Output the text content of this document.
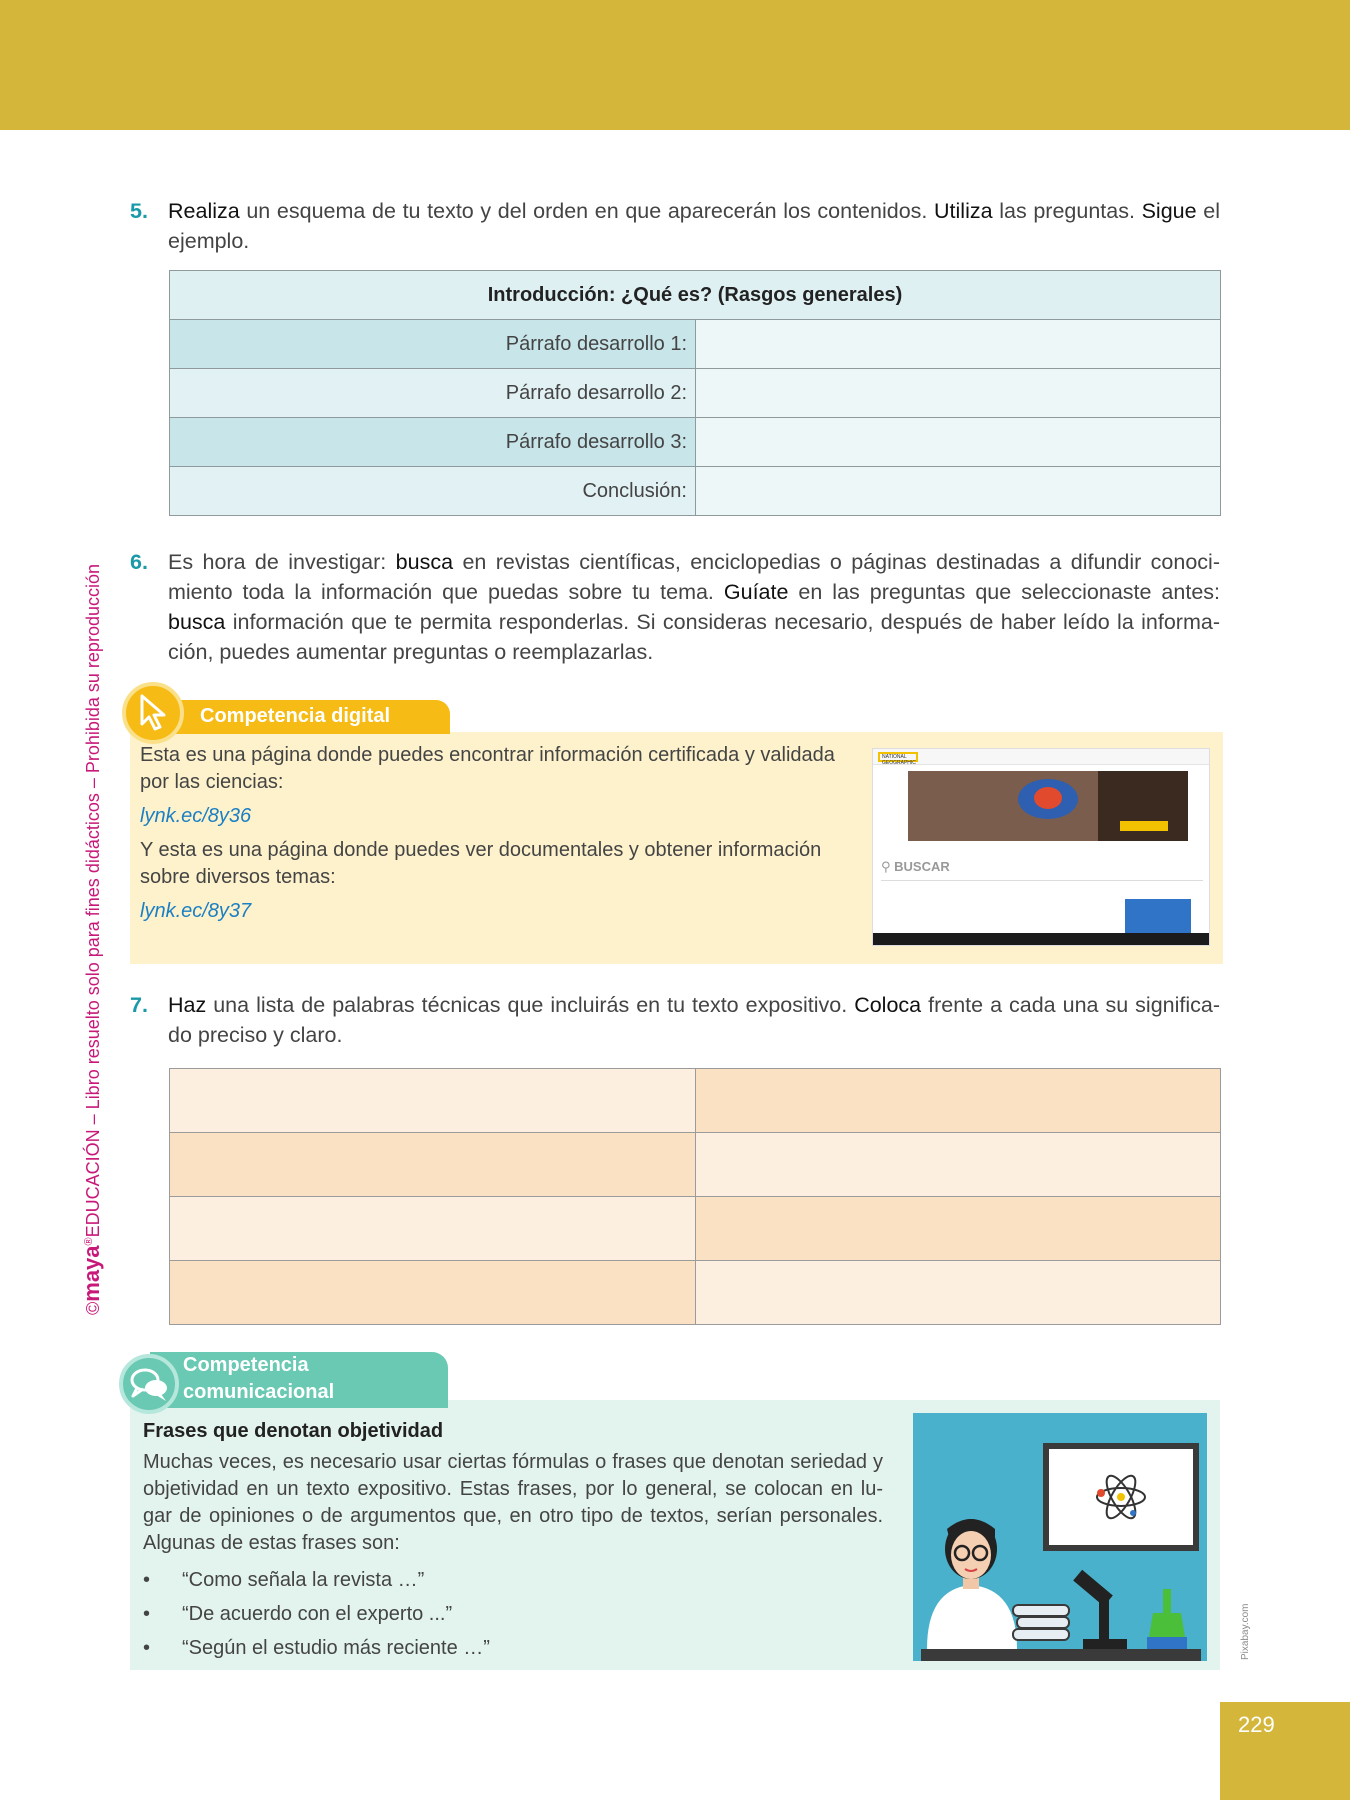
©maya®EDUCACIÓN – Libro resuelto solo para fines didácticos – Prohibida su reproducción
5. Realiza un esquema de tu texto y del orden en que aparecerán los contenidos. Utiliza las preguntas. Sigue el ejemplo.
Introducción: ¿Qué es? (Rasgos generales)	
Párrafo desarrollo 1:	
Párrafo desarrollo 2:	
Párrafo desarrollo 3:	
Conclusión:	
6. Es hora de investigar: busca en revistas científicas, enciclopedias o páginas destinadas a difundir conoci-miento toda la información que puedas sobre tu tema. Guíate en las preguntas que seleccionaste antes: busca información que te permita responderlas. Si consideras necesario, después de haber leído la informa-ción, puedes aumentar preguntas o reemplazarlas.
Competencia digital

Esta es una página donde puedes encontrar información certificada y validada por las ciencias:

lynk.ec/8y36

Y esta es una página donde puedes ver documentales y obtener información sobre diversos temas:

lynk.ec/8y37

NATIONAL GEOGRAPHIC
⚲ BUSCAR
7. Haz una lista de palabras técnicas que incluirás en tu texto expositivo. Coloca frente a cada una su significa-do preciso y claro.

Competencia
comunicacional
Frases que denotan objetividad
Muchas veces, es necesario usar ciertas fórmulas o frases que denotan seriedad y objetividad en un texto expositivo. Estas frases, por lo general, se colocan en lu-gar de opiniones o de argumentos que, en otro tipo de textos, serían personales. Algunas de estas frases son:
• “Como señala la revista …”
• “De acuerdo con el experto ...”
• “Según el estudio más reciente …”	Pixabay.com
229
